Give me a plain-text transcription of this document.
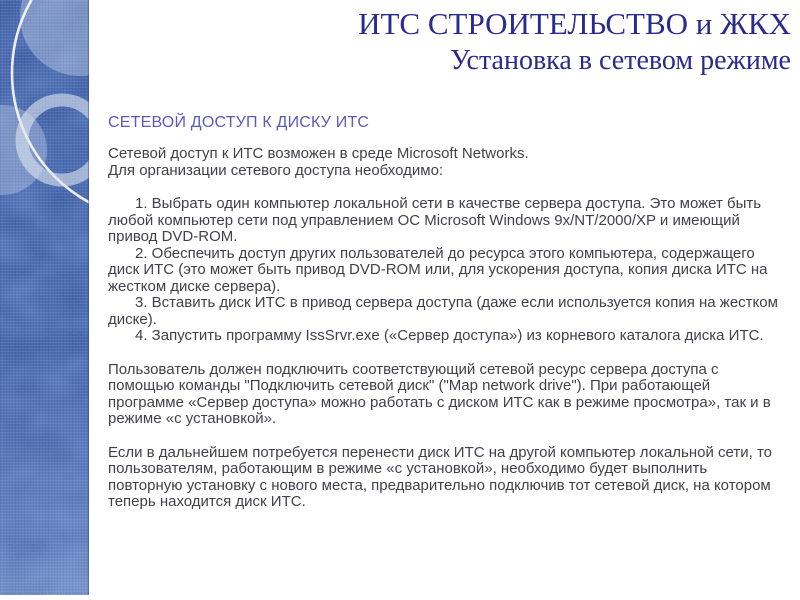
ИТС СТРОИТЕЛЬСТВО и ЖКХ
Установка в сетевом режиме
СЕТЕВОЙ ДОСТУП К ДИСКУ ИТС
Сетевой доступ к ИТС возможен в среде Microsoft Networks.
Для организации сетевого доступа необходимо:
1. Выбрать один компьютер локальной сети в качестве сервера доступа. Это может быть любой компьютер сети под управлением ОС Microsoft Windows 9x/NT/2000/XP и имеющий привод DVD-ROM.
2. Обеспечить доступ других пользователей до ресурса этого компьютера, содержащего диск ИТС (это может быть привод DVD-ROM или, для ускорения доступа, копия диска ИТС на жестком диске сервера).
3. Вставить диск ИТС в привод сервера доступа (даже если используется копия на жестком диске).
4. Запустить программу IssSrvr.exe («Сервер доступа») из корневого каталога диска ИТС.
Пользователь должен подключить соответствующий сетевой ресурс сервера доступа с помощью команды "Подключить сетевой диск" ("Map network drive"). При работающей программе «Сервер доступа» можно работать с диском ИТС как в режиме просмотра», так и в режиме «с установкой».
Если в дальнейшем потребуется перенести диск ИТС на другой компьютер локальной сети, то пользователям, работающим в режиме «с установкой», необходимо будет выполнить повторную установку с нового места, предварительно подключив тот сетевой диск, на котором теперь находится диск ИТС.
